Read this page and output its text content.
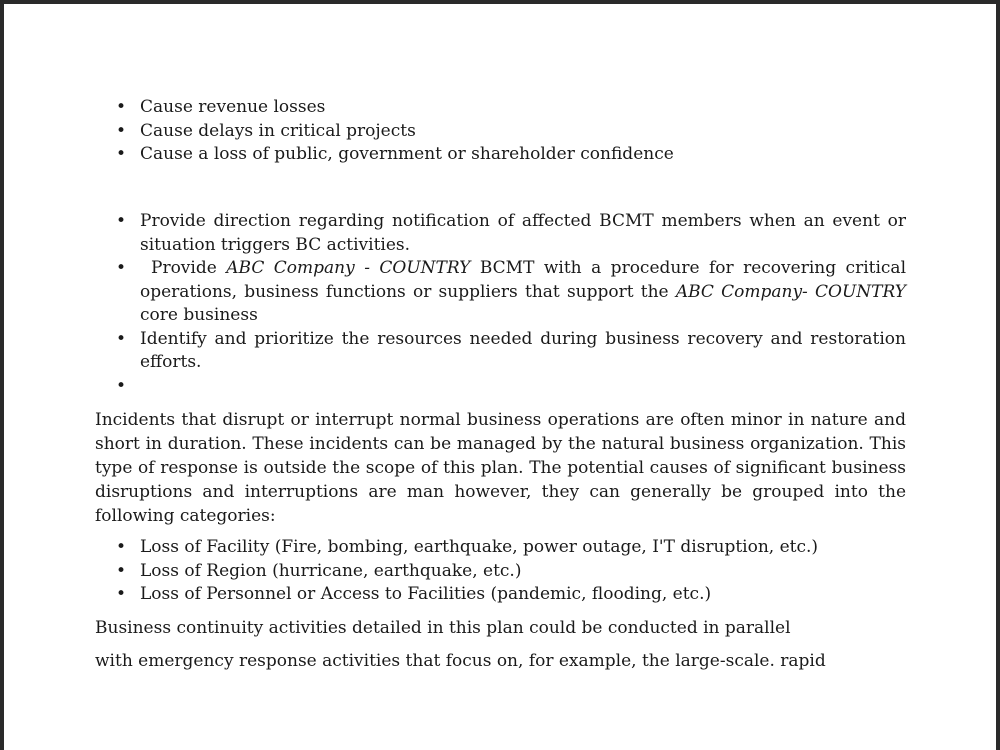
• Cause revenue losses
• Cause delays in critical projects
• Cause a loss of public, government or shareholder confidence
• Provide direction regarding notification of affected BCMT members when an event or situation triggers BC activities.
• Provide ABC Company - COUNTRY BCMT with a procedure for recovering critical operations, business functions or suppliers that support the ABC Company- COUNTRY core business
• Identify and prioritize the resources needed during business recovery and restoration efforts.
•

Incidents that disrupt or interrupt normal business operations are often minor in nature and short in duration. These incidents can be managed by the natural business organization. This type of response is outside the scope of this plan. The potential causes of significant business disruptions and interruptions are man however, they can generally be grouped into the following categories:

• Loss of Facility (Fire, bombing, earthquake, power outage, I'T disruption, etc.)
• Loss of Region (hurricane, earthquake, etc.)
• Loss of Personnel or Access to Facilities (pandemic, flooding, etc.)

Business continuity activities detailed in this plan could be conducted in parallel

with emergency response activities that focus on, for example, the large-scale. rapid
